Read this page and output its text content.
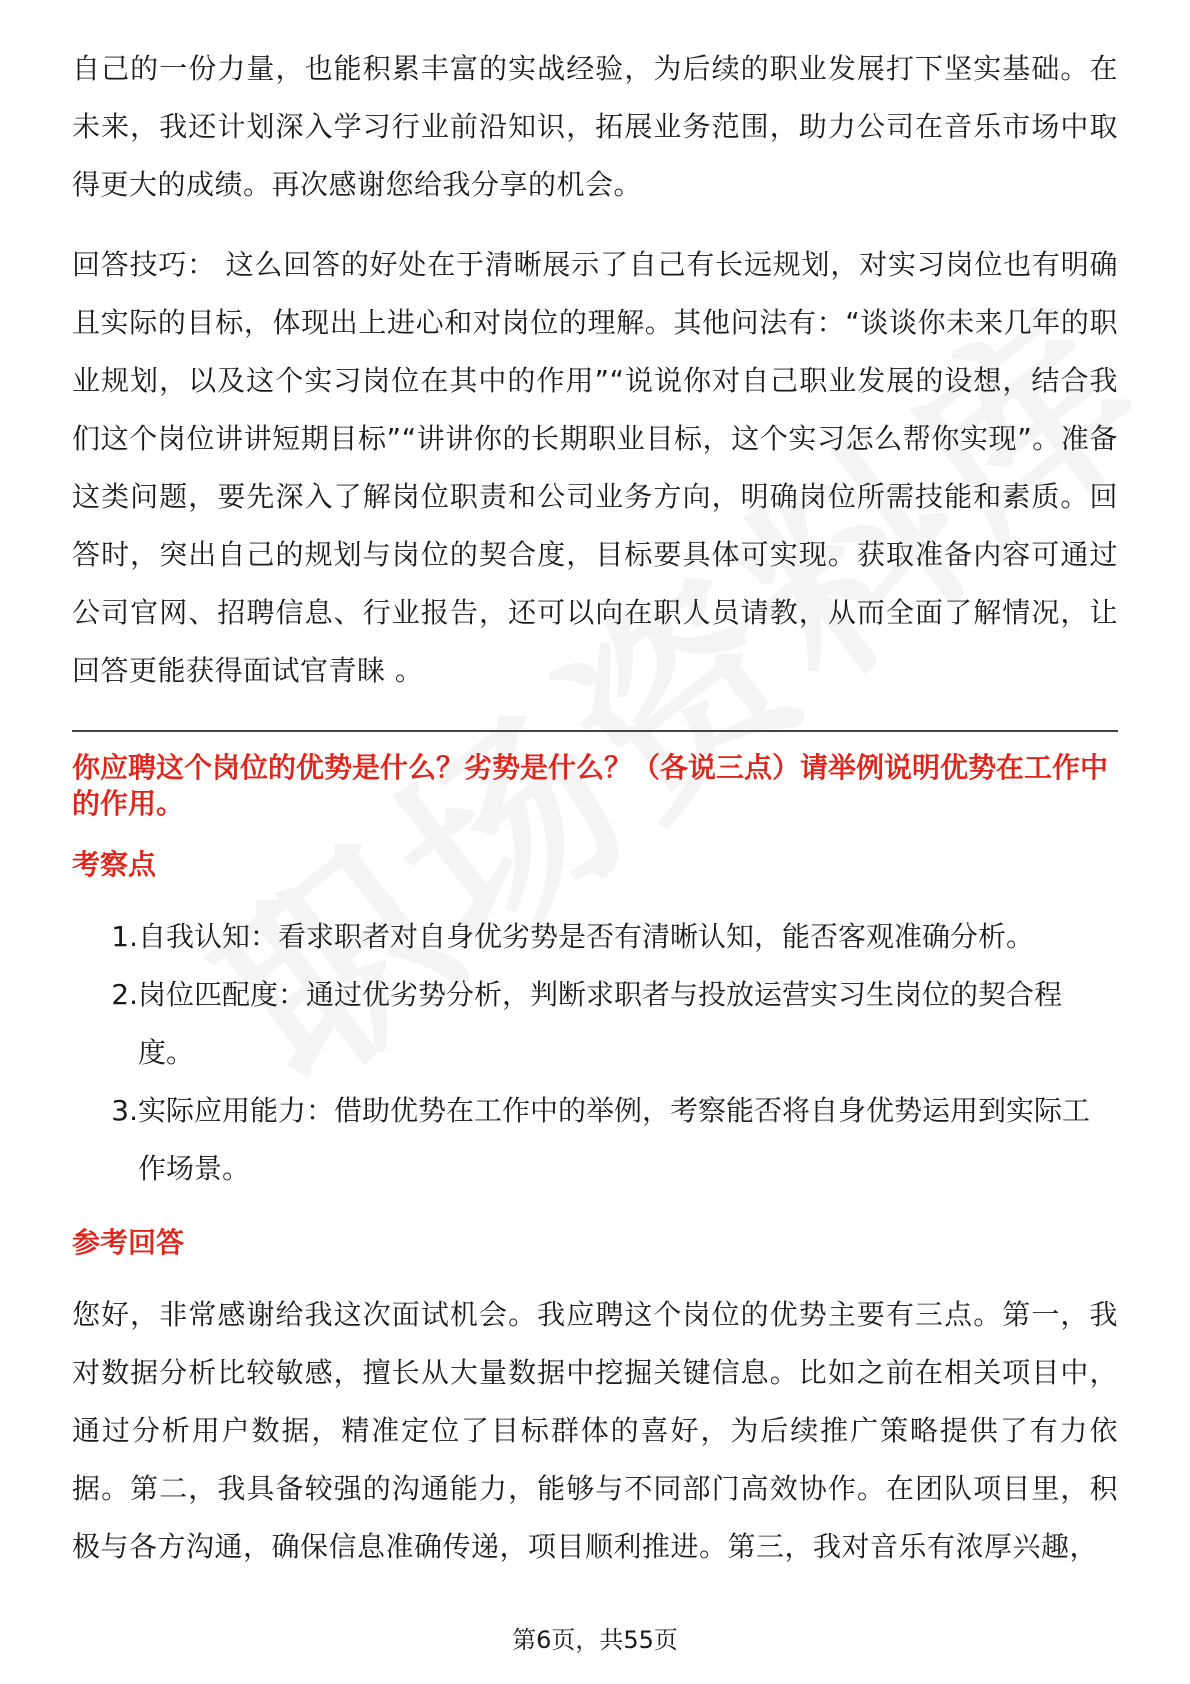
自己的一份力量，也能积累丰富的实战经验，为后续的职业发展打下坚实基础。在未来，我还计划深入学习行业前沿知识，拓展业务范围，助力公司在音乐市场中取得更大的成绩。再次感谢您给我分享的机会。

回答技巧： 这么回答的好处在于清晰展示了自己有长远规划，对实习岗位也有明确且实际的目标，体现出上进心和对岗位的理解。其他问法有：“谈谈你未来几年的职业规划，以及这个实习岗位在其中的作用”“说说你对自己职业发展的设想，结合我们这个岗位讲讲短期目标”“讲讲你的长期职业目标，这个实习怎么帮你实现”。准备这类问题，要先深入了解岗位职责和公司业务方向，明确岗位所需技能和素质。回答时，突出自己的规划与岗位的契合度，目标要具体可实现。获取准备内容可通过公司官网、招聘信息、行业报告，还可以向在职人员请教，从而全面了解情况，让回答更能获得面试官青睐 。

你应聘这个岗位的优势是什么？劣势是什么？（各说三点）请举例说明优势在工作中的作用。
考察点
1. 自我认知：看求职者对自身优劣势是否有清晰认知，能否客观准确分析。
2. 岗位匹配度：通过优劣势分析，判断求职者与投放运营实习生岗位的契合程度。
3. 实际应用能力：借助优势在工作中的举例，考察能否将自身优势运用到实际工作场景。
参考回答

您好，非常感谢给我这次面试机会。我应聘这个岗位的优势主要有三点。第一，我对数据分析比较敏感，擅长从大量数据中挖掘关键信息。比如之前在相关项目中，通过分析用户数据，精准定位了目标群体的喜好，为后续推广策略提供了有力依据。第二，我具备较强的沟通能力，能够与不同部门高效协作。在团队项目里，积极与各方沟通，确保信息准确传递，项目顺利推进。第三，我对音乐有浓厚兴趣，

第6页，共55页
